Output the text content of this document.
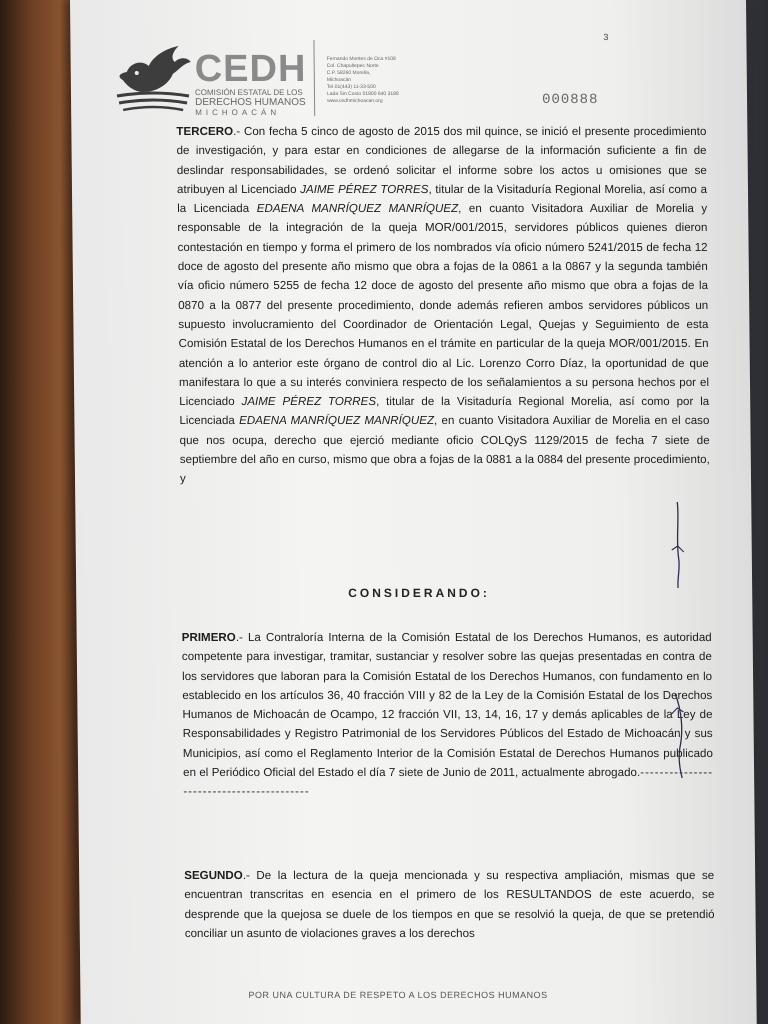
3
CEDH
COMISIÓN ESTATAL DE LOS
DERECHOS HUMANOS
MICHOACÁN
Fernando Montes de Oca #108
Col. Chapultepec Norte
C.P. 58260 Morelia,
Michoacán
Tel.01(443) 11-33-500
Lada Sin Costo 01800 640 3188
www.cedhmichoacan.org	000888
TERCERO.- Con fecha 5 cinco de agosto de 2015 dos mil quince, se inició el presente procedimiento de investigación, y para estar en condiciones de allegarse de la información suficiente a fin de deslindar responsabilidades, se ordenó solicitar el informe sobre los actos u omisiones que se atribuyen al Licenciado JAIME PÉREZ TORRES, titular de la Visitaduría Regional Morelia, así como a la Licenciada EDAENA MANRÍQUEZ MANRÍQUEZ, en cuanto Visitadora Auxiliar de Morelia y responsable de la integración de la queja MOR/001/2015, servidores públicos quienes dieron contestación en tiempo y forma el primero de los nombrados vía oficio número 5241/2015 de fecha 12 doce de agosto del presente año mismo que obra a fojas de la 0861 a la 0867 y la segunda también vía oficio número 5255 de fecha 12 doce de agosto del presente año mismo que obra a fojas de la 0870 a la 0877 del presente procedimiento, donde además refieren ambos servidores públicos un supuesto involucramiento del Coordinador de Orientación Legal, Quejas y Seguimiento de esta Comisión Estatal de los Derechos Humanos en el trámite en particular de la queja MOR/001/2015. En atención a lo anterior este órgano de control dio al Lic. Lorenzo Corro Díaz, la oportunidad de que manifestara lo que a su interés conviniera respecto de los señalamientos a su persona hechos por el Licenciado JAIME PÉREZ TORRES, titular de la Visitaduría Regional Morelia, así como por la Licenciada EDAENA MANRÍQUEZ MANRÍQUEZ, en cuanto Visitadora Auxiliar de Morelia en el caso que nos ocupa, derecho que ejerció mediante oficio COLQyS 1129/2015 de fecha 7 siete de septiembre del año en curso, mismo que obra a fojas de la 0881 a la 0884 del presente procedimiento, y
CONSIDERANDO:
PRIMERO.- La Contraloría Interna de la Comisión Estatal de los Derechos Humanos, es autoridad competente para investigar, tramitar, sustanciar y resolver sobre las quejas presentadas en contra de los servidores que laboran para la Comisión Estatal de los Derechos Humanos, con fundamento en lo establecido en los artículos 36, 40 fracción VIII y 82 de la Ley de la Comisión Estatal de los Derechos Humanos de Michoacán de Ocampo, 12 fracción VII, 13, 14, 16, 17 y demás aplicables de la Ley de Responsabilidades y Registro Patrimonial de los Servidores Públicos del Estado de Michoacán y sus Municipios, así como el Reglamento Interior de la Comisión Estatal de Derechos Humanos publicado en el Periódico Oficial del Estado el día 7 siete de Junio de 2011, actualmente abrogado.-----------------------------------------
SEGUNDO.- De la lectura de la queja mencionada y su respectiva ampliación, mismas que se encuentran transcritas en esencia en el primero de los RESULTANDOS de este acuerdo, se desprende que la quejosa se duele de los tiempos en que se resolvió la queja, de que se pretendió conciliar un asunto de violaciones graves a los derechos
POR UNA CULTURA DE RESPETO A LOS DERECHOS HUMANOS
